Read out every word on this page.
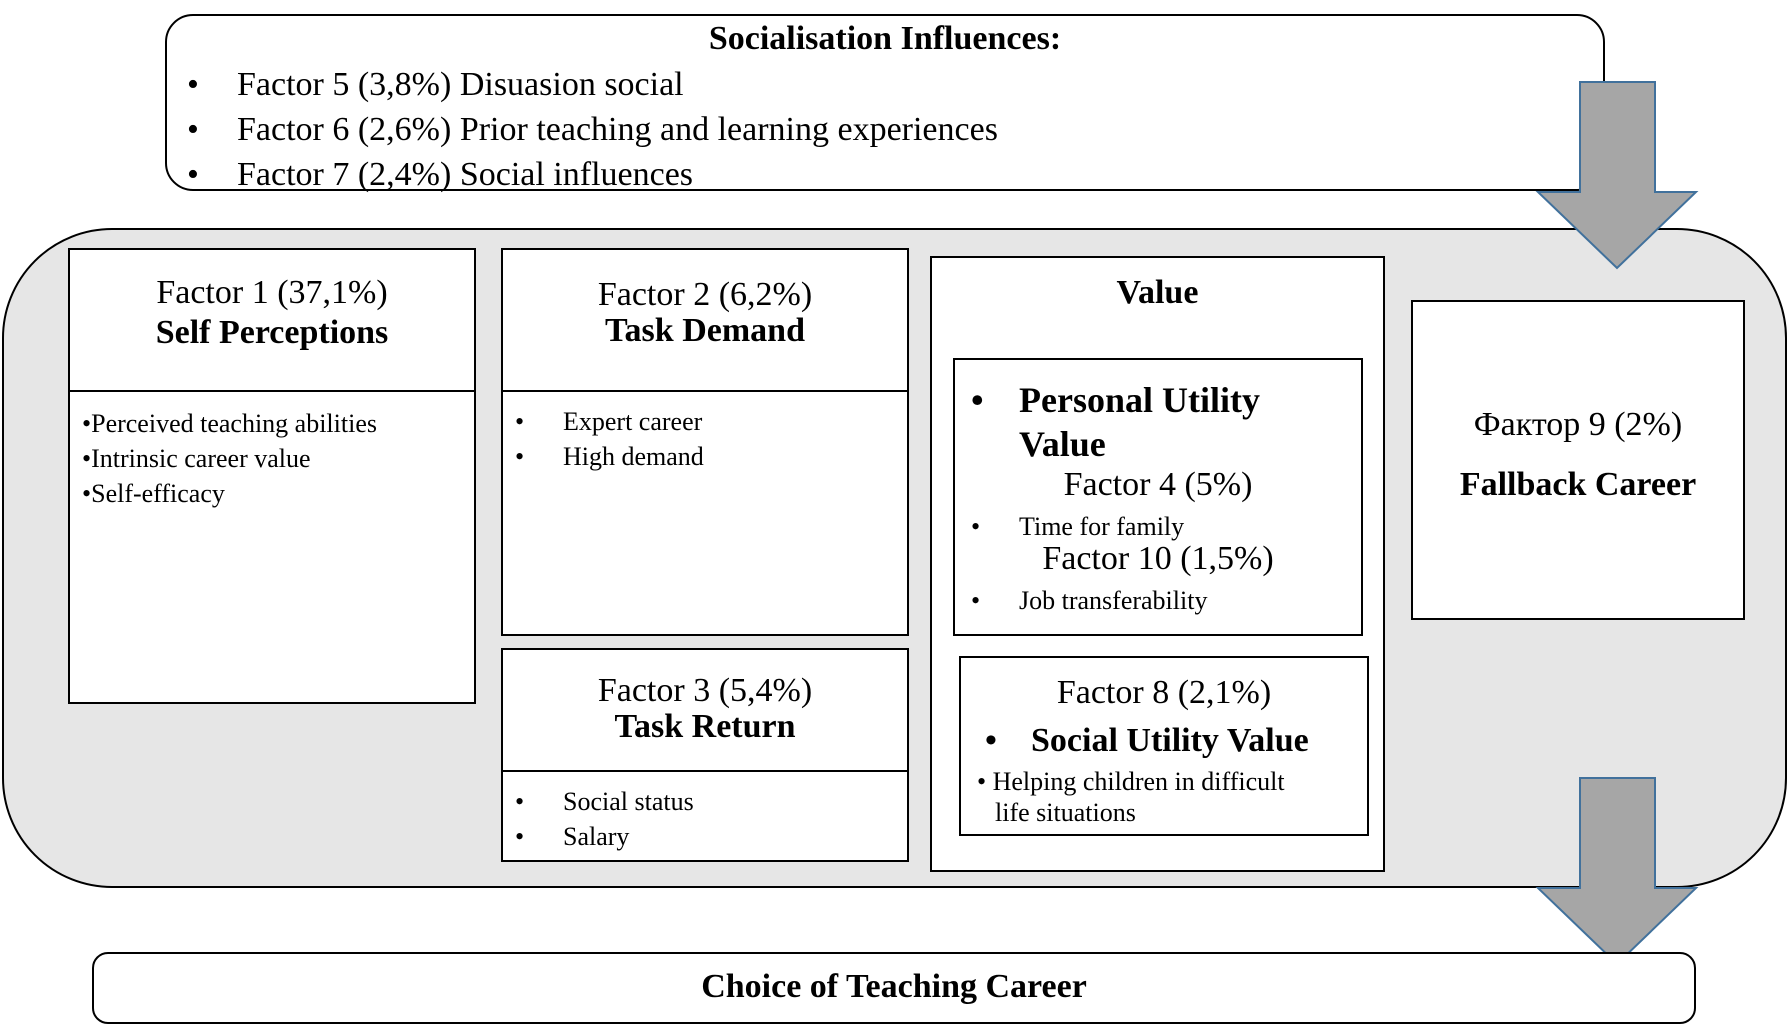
Socialisation Influences:
• Factor 5 (3,8%) Disuasion social
• Factor 6 (2,6%) Prior teaching and learning experiences
• Factor 7 (2,4%) Social influences
Factor 1 (37,1%)
Self Perceptions
•Perceived teaching abilities
•Intrinsic career value
•Self-efficacy
Factor 2 (6,2%)
Task Demand
• Expert career
• High demand
Factor 3 (5,4%)
Task Return
• Social status
• Salary
Value
• Personal Utility
Value
Factor 4 (5%)
• Time for family
Factor 10 (1,5%)
• Job transferability
Factor 8 (2,1%)
• Social Utility Value
• Helping children in difficult
life situations
Фактор 9 (2%)
Fallback Career
Choice of Teaching Career
